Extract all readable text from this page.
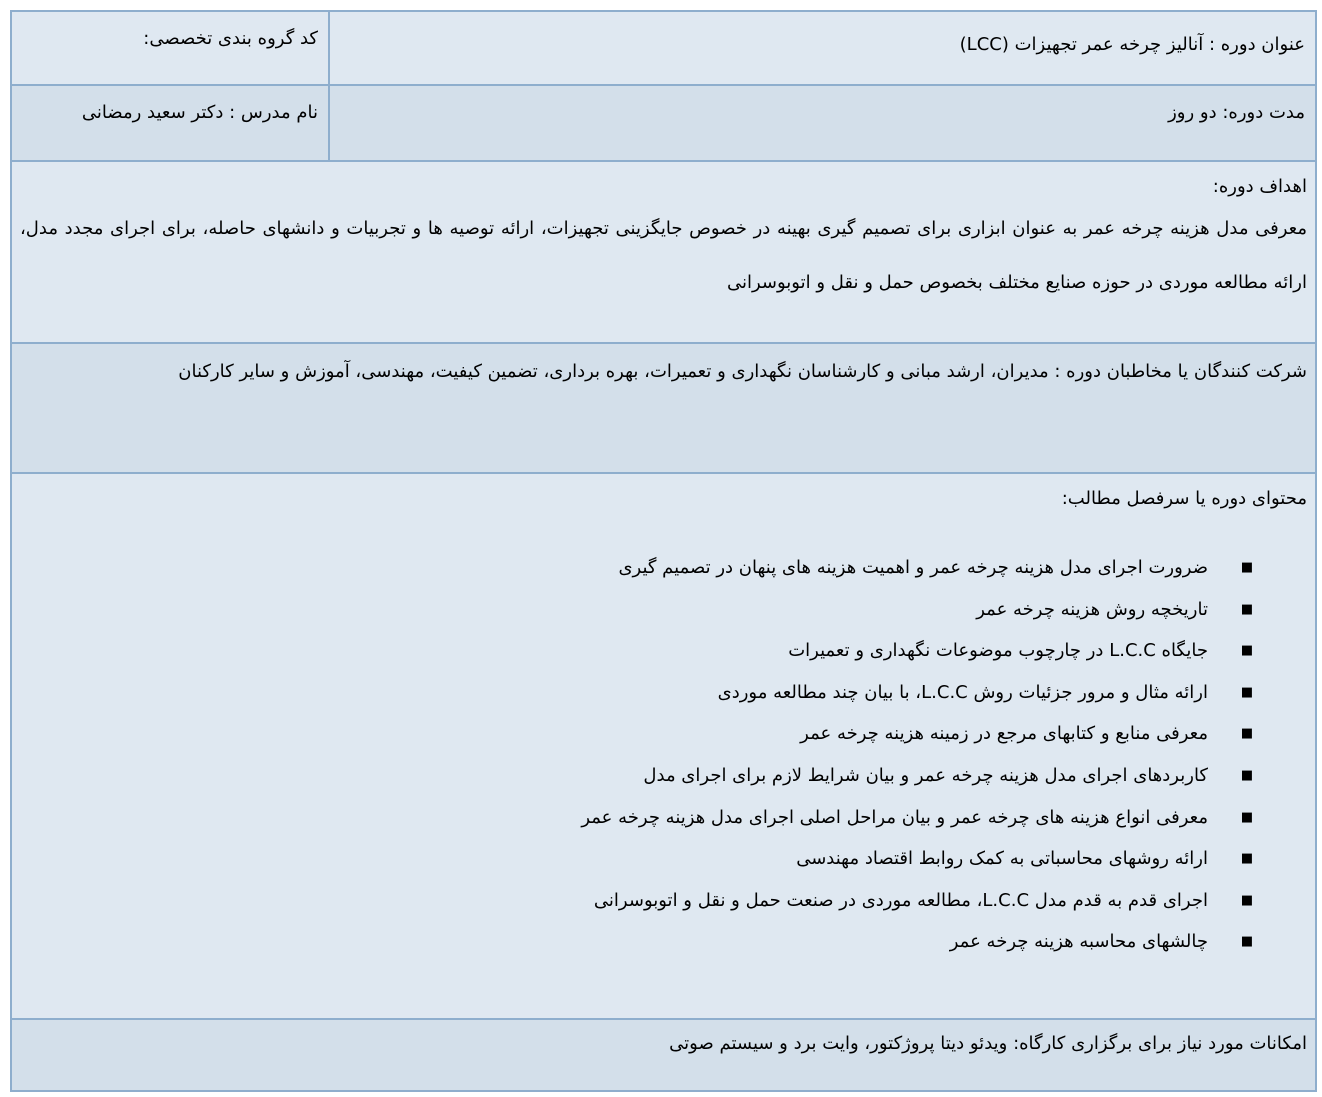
عنوان دوره : آنالیز چرخه عمر تجهیزات (LCC)
کد گروه بندی تخصصی:
مدت دوره: دو روز
نام مدرس : دکتر سعید رمضانی
اهداف دوره:
معرفی مدل هزینه چرخه عمر به عنوان ابزاری برای تصمیم گیری بهینه در خصوص جایگزینی تجهیزات، ارائه توصیه ها و تجربیات و دانشهای حاصله، برای اجرای مجدد مدل، ارائه مطالعه موردی در حوزه صنایع مختلف بخصوص حمل و نقل و اتوبوسرانی
شرکت کنندگان یا مخاطبان دوره : مدیران، ارشد مبانی و کارشناسان نگهداری و تعمیرات، بهره برداری، تضمین کیفیت، مهندسی، آموزش و سایر کارکنان
محتوای دوره یا سرفصل مطالب:
■
ضرورت اجرای مدل هزینه چرخه عمر و اهمیت هزینه های پنهان در تصمیم گیری
■
تاریخچه روش هزینه چرخه عمر
■
جایگاه L.C.C در چارچوب موضوعات نگهداری و تعمیرات
■
ارائه مثال و مرور جزئیات روش L.C.C، با بیان چند مطالعه موردی
■
معرفی منابع و کتابهای مرجع در زمینه هزینه چرخه عمر
■
کاربردهای اجرای مدل هزینه چرخه عمر و بیان شرایط لازم برای اجرای مدل
■
معرفی انواع هزینه های چرخه عمر و بیان مراحل اصلی اجرای مدل هزینه چرخه عمر
■
ارائه روشهای محاسباتی به کمک روابط اقتصاد مهندسی
■
اجرای قدم به قدم مدل L.C.C، مطالعه موردی در صنعت حمل و نقل و اتوبوسرانی
■
چالشهای محاسبه هزینه چرخه عمر
امکانات مورد نیاز برای برگزاری کارگاه: ویدئو دیتا پروژکتور، وایت برد و سیستم صوتی
